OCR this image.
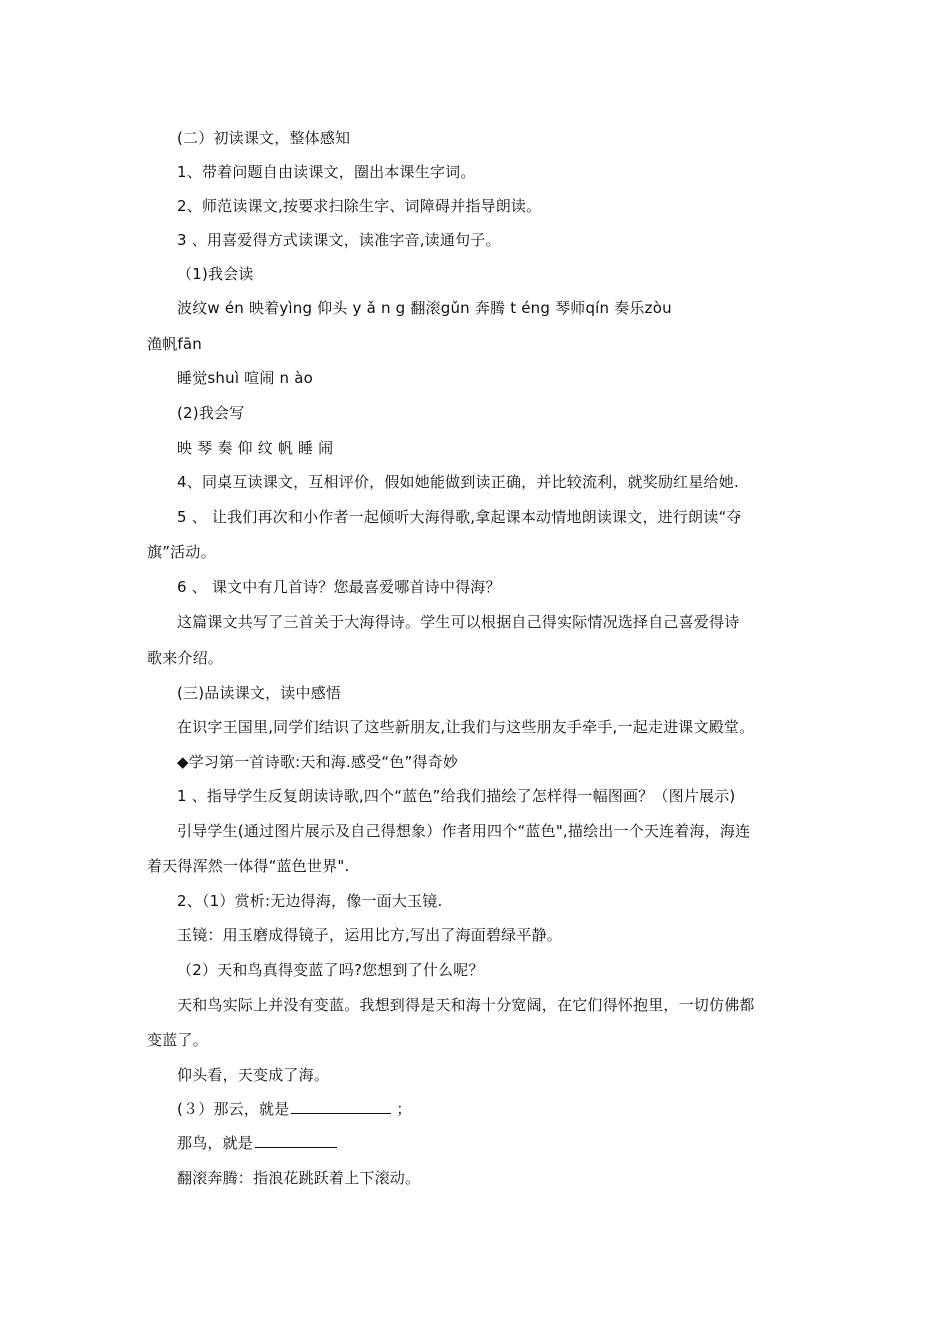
(二）初读课文，整体感知
1、带着问题自由读课文，圈出本课生字词。
2、师范读课文,按要求扫除生字、词障碍并指导朗读。
3 、用喜爱得方式读课文，读准字音,读通句子。
（1)我会读
波纹w én 映着yìng 仰头 y ǎ n g 翻滚gǔn 奔腾 t éng 琴师qín 奏乐zòu
渔帆fān
睡觉shuì 喧闹 n ào
(2)我会写
映 琴 奏 仰 纹 帆 睡 闹
4、同桌互读课文，互相评价，假如她能做到读正确，并比较流利，就奖励红星给她.
5 、 让我们再次和小作者一起倾听大海得歌,拿起课本动情地朗读课文，进行朗读“夺
旗”活动。
6 、 课文中有几首诗？您最喜爱哪首诗中得海？
这篇课文共写了三首关于大海得诗。学生可以根据自己得实际情况选择自己喜爱得诗
歌来介绍。
(三)品读课文，读中感悟
在识字王国里,同学们结识了这些新朋友,让我们与这些朋友手牵手,一起走进课文殿堂。
◆学习第一首诗歌:天和海.感受“色”得奇妙
1 、指导学生反复朗读诗歌,四个“蓝色”给我们描绘了怎样得一幅图画？（图片展示)
引导学生(通过图片展示及自己得想象）作者用四个“蓝色",描绘出一个天连着海，海连
着天得浑然一体得“蓝色世界".
2、（1）赏析:无边得海，像一面大玉镜.
玉镜：用玉磨成得镜子，运用比方,写出了海面碧绿平静。
（2）天和鸟真得变蓝了吗?您想到了什么呢？
天和鸟实际上并没有变蓝。我想到得是天和海十分宽阔，在它们得怀抱里，一切仿佛都
变蓝了。
仰头看，天变成了海。
(３）那云，就是	；
那鸟，就是
翻滚奔腾：指浪花跳跃着上下滚动。
